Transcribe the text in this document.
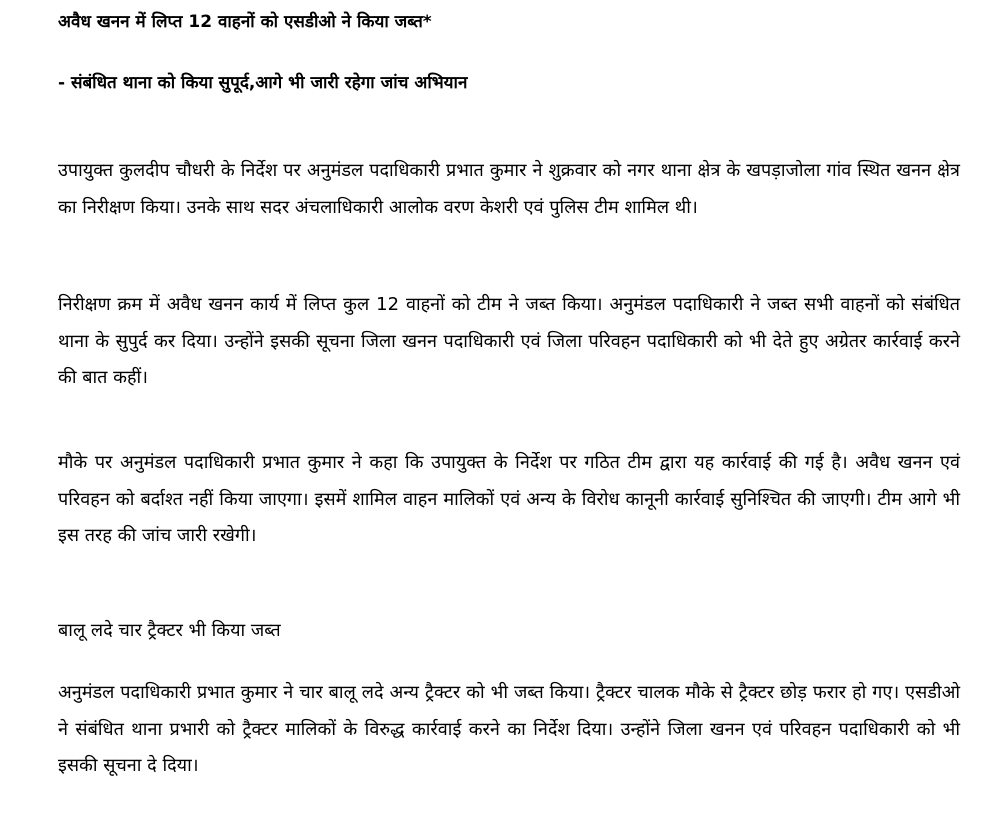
अवैध खनन में लिप्त 12 वाहनों को एसडीओ ने किया जब्त*
- संबंधित थाना को किया सुपूर्द,आगे भी जारी रहेगा जांच अभियान

उपायुक्त कुलदीप चौधरी के निर्देश पर अनुमंडल पदाधिकारी प्रभात कुमार ने शुक्रवार को नगर थाना क्षेत्र के खपड़ाजोला गांव स्थित खनन क्षेत्र का निरीक्षण किया। उनके साथ सदर अंचलाधिकारी आलोक वरण केशरी एवं पुलिस टीम शामिल थी।

निरीक्षण क्रम में अवैध खनन कार्य में लिप्त कुल 12 वाहनों को टीम ने जब्त किया। अनुमंडल पदाधिकारी ने जब्त सभी वाहनों को संबंधित थाना के सुपुर्द कर दिया। उन्होंने इसकी सूचना जिला खनन पदाधिकारी एवं जिला परिवहन पदाधिकारी को भी देते हुए अग्रेतर कार्रवाई करने की बात कहीं।

मौके पर अनुमंडल पदाधिकारी प्रभात कुमार ने कहा कि उपायुक्त के निर्देश पर गठित टीम द्वारा यह कार्रवाई की गई है। अवैध खनन एवं परिवहन को बर्दाश्त नहीं किया जाएगा। इसमें शामिल वाहन मालिकों एवं अन्य के विरोध कानूनी कार्रवाई सुनिश्चित की जाएगी। टीम आगे भी इस तरह की जांच जारी रखेगी।

बालू लदे चार ट्रैक्टर भी किया जब्त

अनुमंडल पदाधिकारी प्रभात कुमार ने चार बालू लदे अन्य ट्रैक्टर को भी जब्त किया। ट्रैक्टर चालक मौके से ट्रैक्टर छोड़ फरार हो गए। एसडीओ ने संबंधित थाना प्रभारी को ट्रैक्टर मालिकों के विरुद्ध कार्रवाई करने का निर्देश दिया। उन्होंने जिला खनन एवं परिवहन पदाधिकारी को भी इसकी सूचना दे दिया।
